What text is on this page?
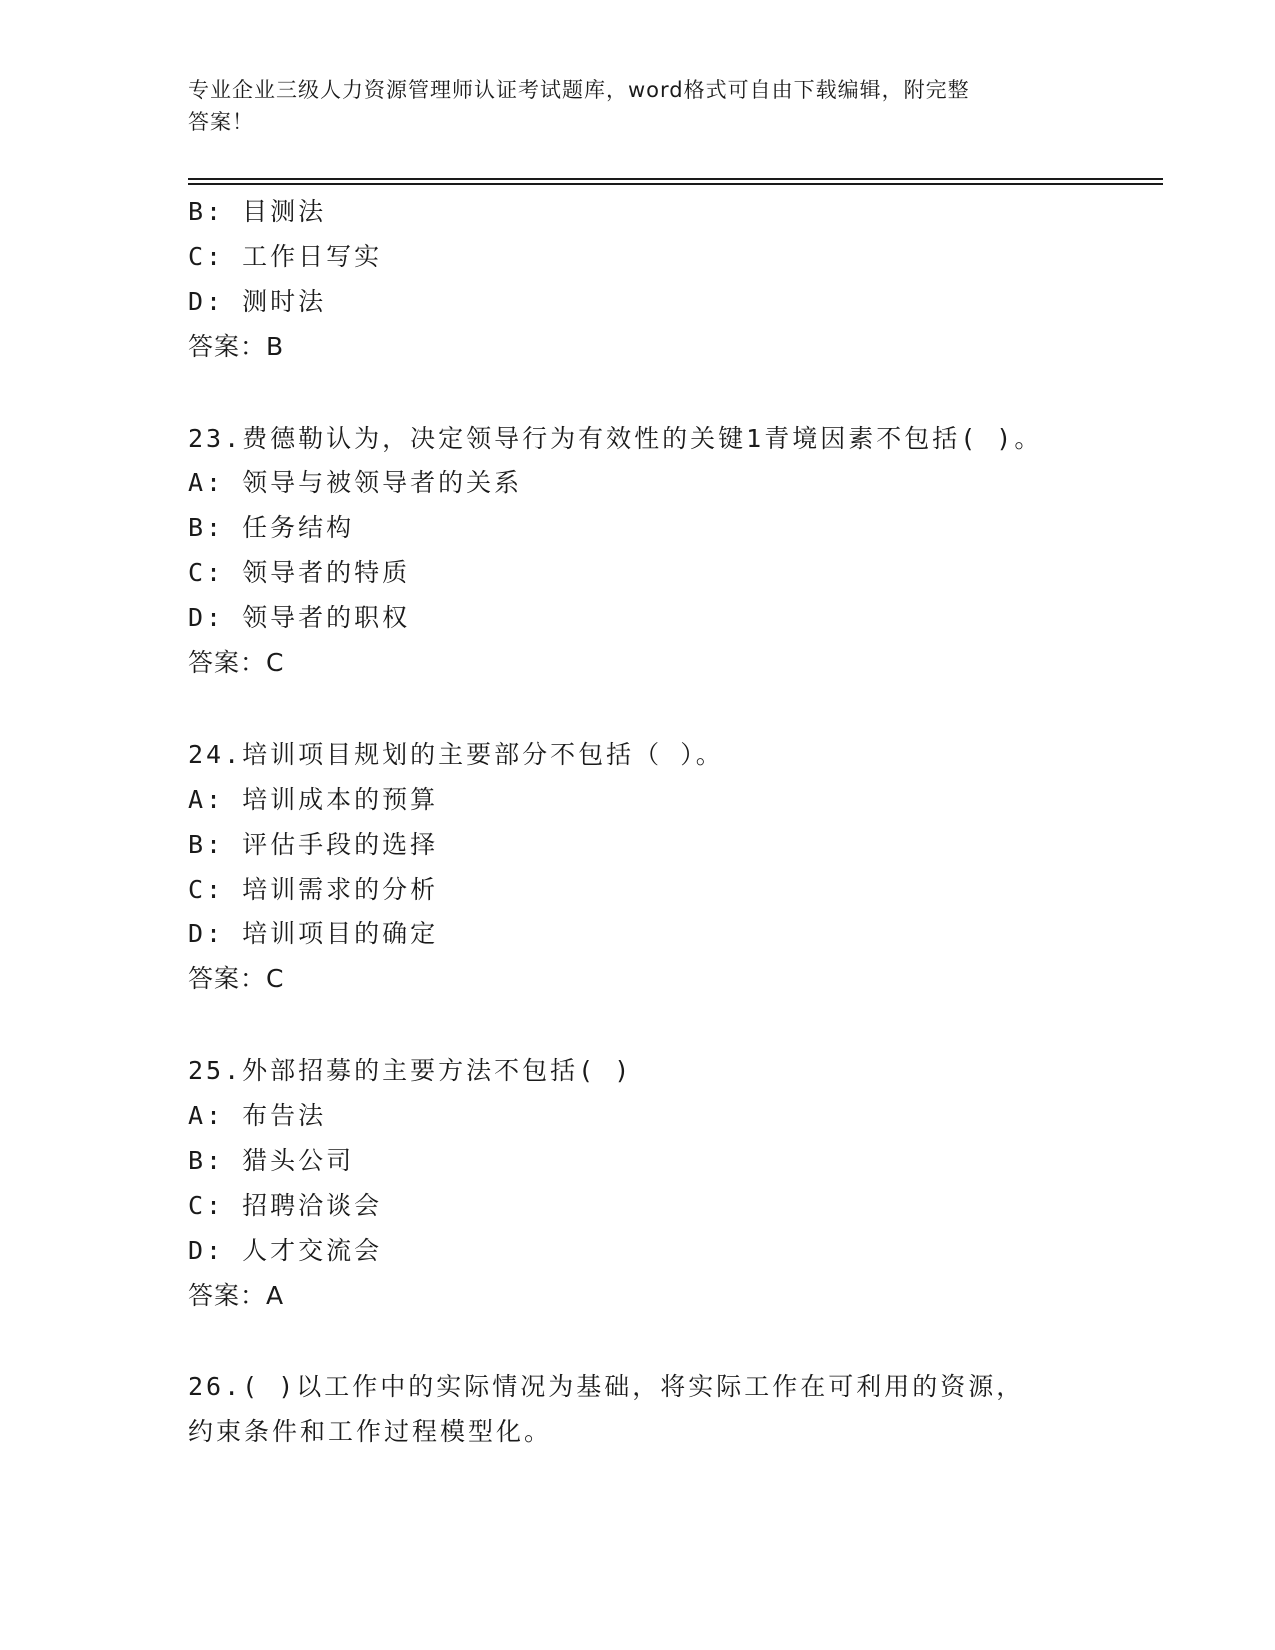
专业企业三级人力资源管理师认证考试题库，word格式可自由下载编辑，附完整
答案！
B: 目测法
C: 工作日写实
D: 测时法
答案：B
23.费德勒认为，决定领导行为有效性的关键1青境因素不包括( )。
A: 领导与被领导者的关系
B: 任务结构
C: 领导者的特质
D: 领导者的职权
答案：C
24.培训项目规划的主要部分不包括（ ）。
A: 培训成本的预算
B: 评估手段的选择
C: 培训需求的分析
D: 培训项目的确定
答案：C
25.外部招募的主要方法不包括( )
A: 布告法
B: 猎头公司
C: 招聘洽谈会
D: 人才交流会
答案：A
26.( )以工作中的实际情况为基础，将实际工作在可利用的资源，
约束条件和工作过程模型化。
